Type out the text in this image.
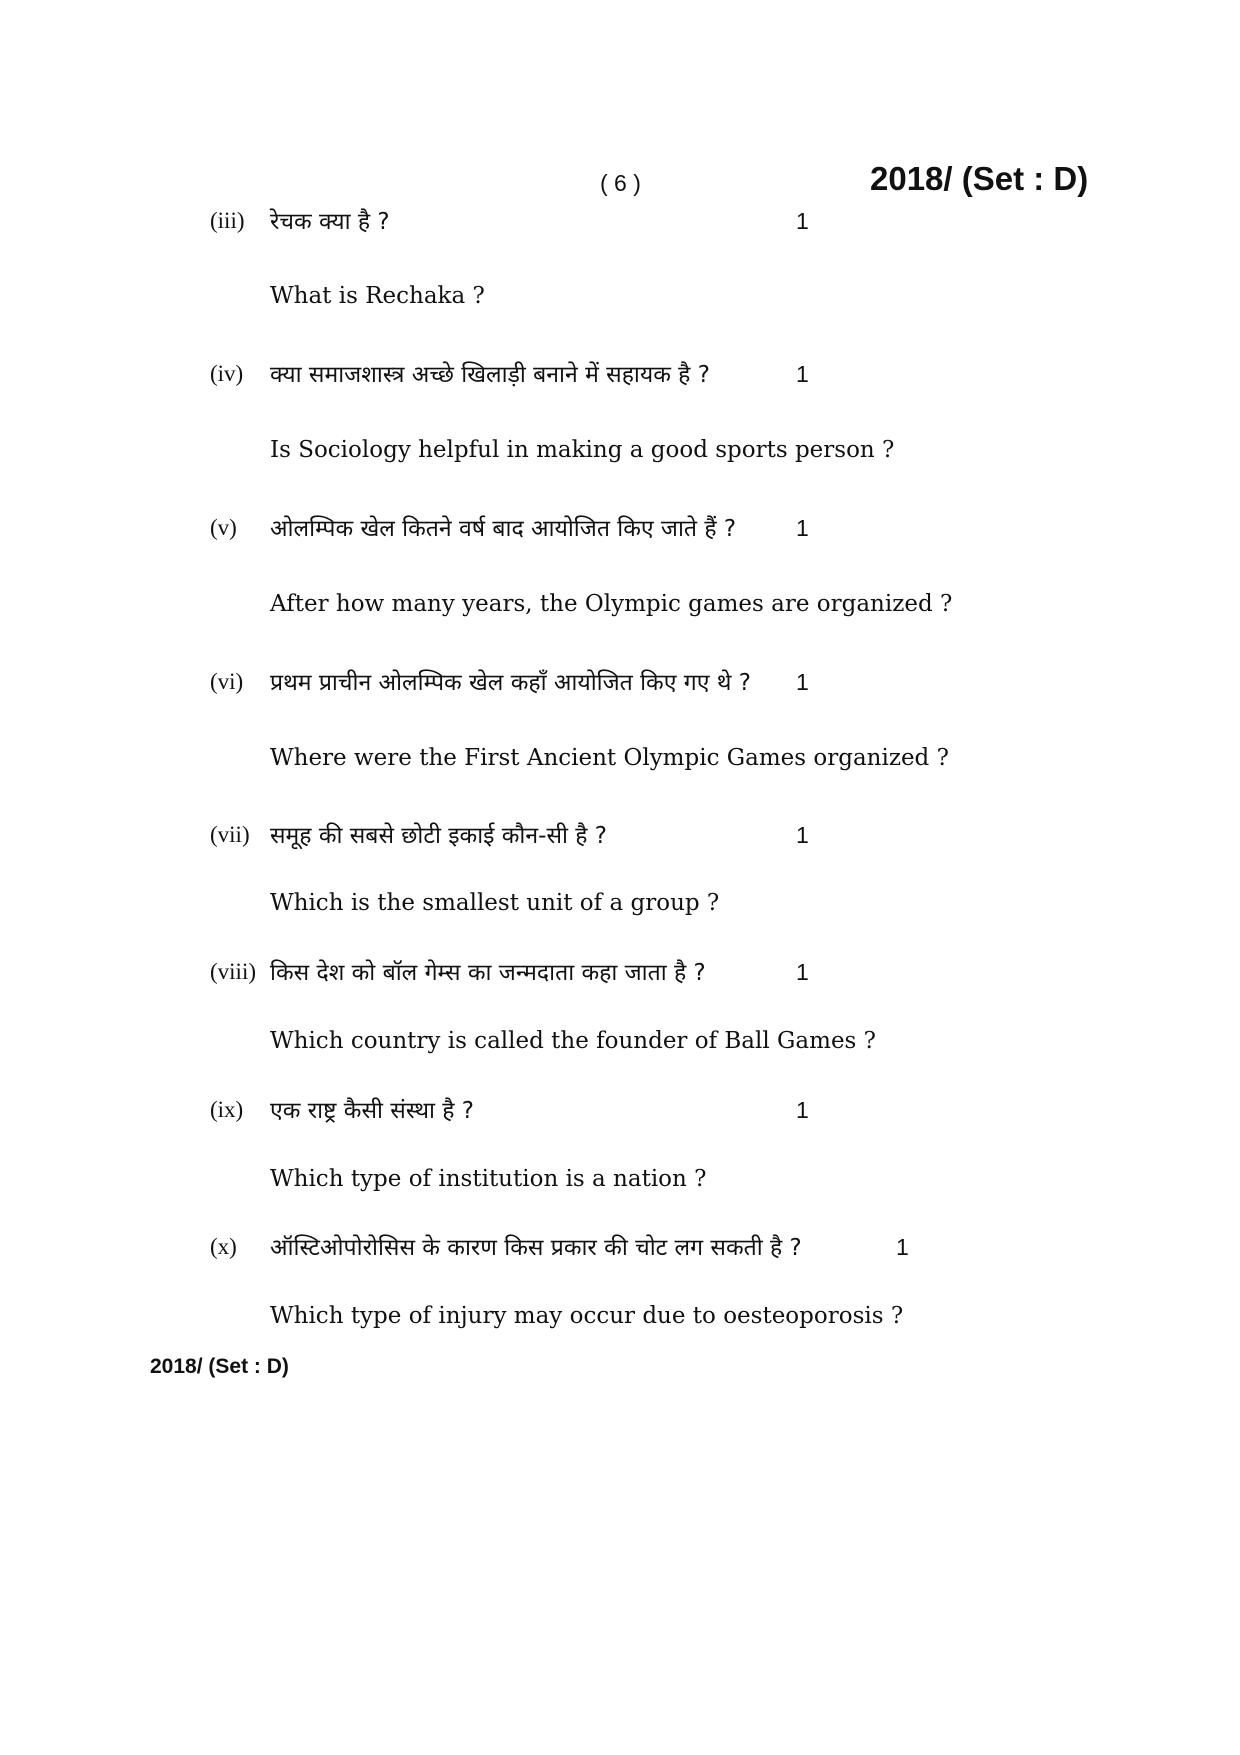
( 6 )	2018/ (Set : D)
(iii) रेचक क्या है ?	1
What is Rechaka ?
(iv) क्या समाजशास्त्र अच्छे खिलाड़ी बनाने में सहायक है ?	1
Is Sociology helpful in making a good sports person ?
(v) ओलम्पिक खेल कितने वर्ष बाद आयोजित किए जाते हैं ?	1
After how many years, the Olympic games are organized ?
(vi) प्रथम प्राचीन ओलम्पिक खेल कहाँ आयोजित किए गए थे ? 1
Where were the First Ancient Olympic Games organized ?
(vii) समूह की सबसे छोटी इकाई कौन-सी है ?	1
Which is the smallest unit of a group ?
(viii) किस देश को बॉल गेम्स का जन्मदाता कहा जाता है ?	1
Which country is called the founder of Ball Games ?
(ix) एक राष्ट्र कैसी संस्था है ?	1
Which type of institution is a nation ?
(x) ऑस्टिओपोरोसिस के कारण किस प्रकार की चोट लग सकती है ?	1
Which type of injury may occur due to oesteoporosis ?
2018/ (Set : D)
